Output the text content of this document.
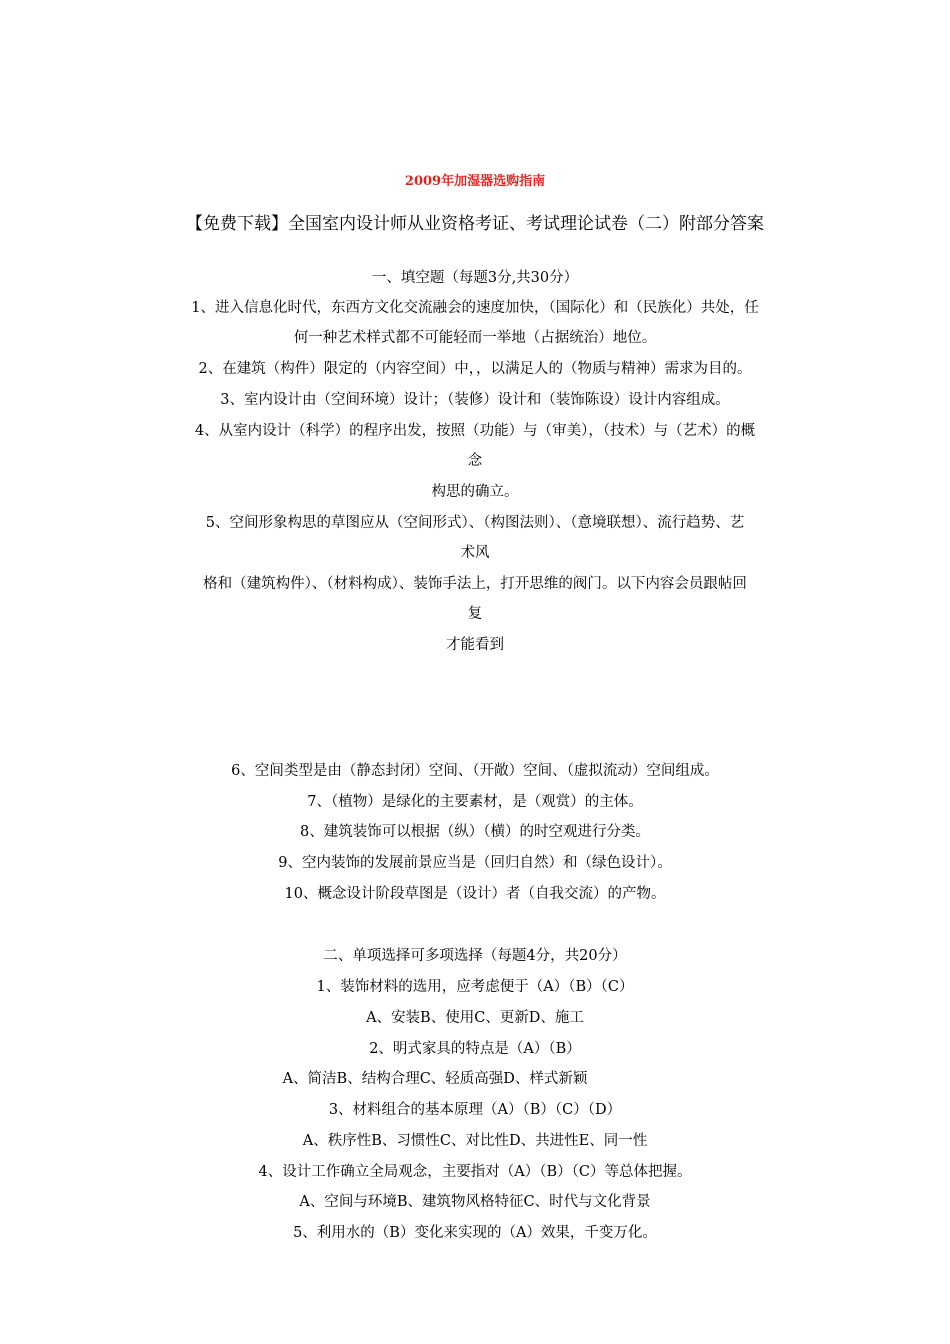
2009年加湿器选购指南
【免费下载】全国室内设计师从业资格考证、考试理论试卷（二）附部分答案
一、填空题（每题3分,共30分）
1、进入信息化时代，东西方文化交流融会的速度加快，（国际化）和（民族化）共处，任
何一种艺术样式都不可能轻而一举地（占据统治）地位。
2、在建筑（构件）限定的（内容空间）中，，以满足人的（物质与精神）需求为目的。
3、室内设计由（空间环境）设计；（装修）设计和（装饰陈设）设计内容组成。
4、从室内设计（科学）的程序出发，按照（功能）与（审美），（技术）与（艺术）的概
念
构思的确立。
5、空间形象构思的草图应从（空间形式）、（构图法则）、（意境联想）、流行趋势、艺
术风
格和（建筑构件）、（材料构成）、装饰手法上，打开思维的阀门。以下内容会员跟帖回
复
才能看到
6、空间类型是由（静态封闭）空间、（开敞）空间、（虚拟流动）空间组成。
7、（植物）是绿化的主要素材，是（观赏）的主体。
8、建筑装饰可以根据（纵）（横）的时空观进行分类。
9、空内装饰的发展前景应当是（回归自然）和（绿色设计）。
10、概念设计阶段草图是（设计）者（自我交流）的产物。
二、单项选择可多项选择（每题4分，共20分）
1、装饰材料的选用，应考虑便于（A）（B）（C）
A、安装B、使用C、更新D、施工
2、明式家具的特点是（A）（B）
A、简洁B、结构合理C、轻质高强D、样式新颖
3、材料组合的基本原理（A）（B）（C）（D）
A、秩序性B、习惯性C、对比性D、共进性E、同一性
4、设计工作确立全局观念，主要指对（A）（B）（C）等总体把握。
A、空间与环境B、建筑物风格特征C、时代与文化背景
5、利用水的（B）变化来实现的（A）效果，千变万化。
